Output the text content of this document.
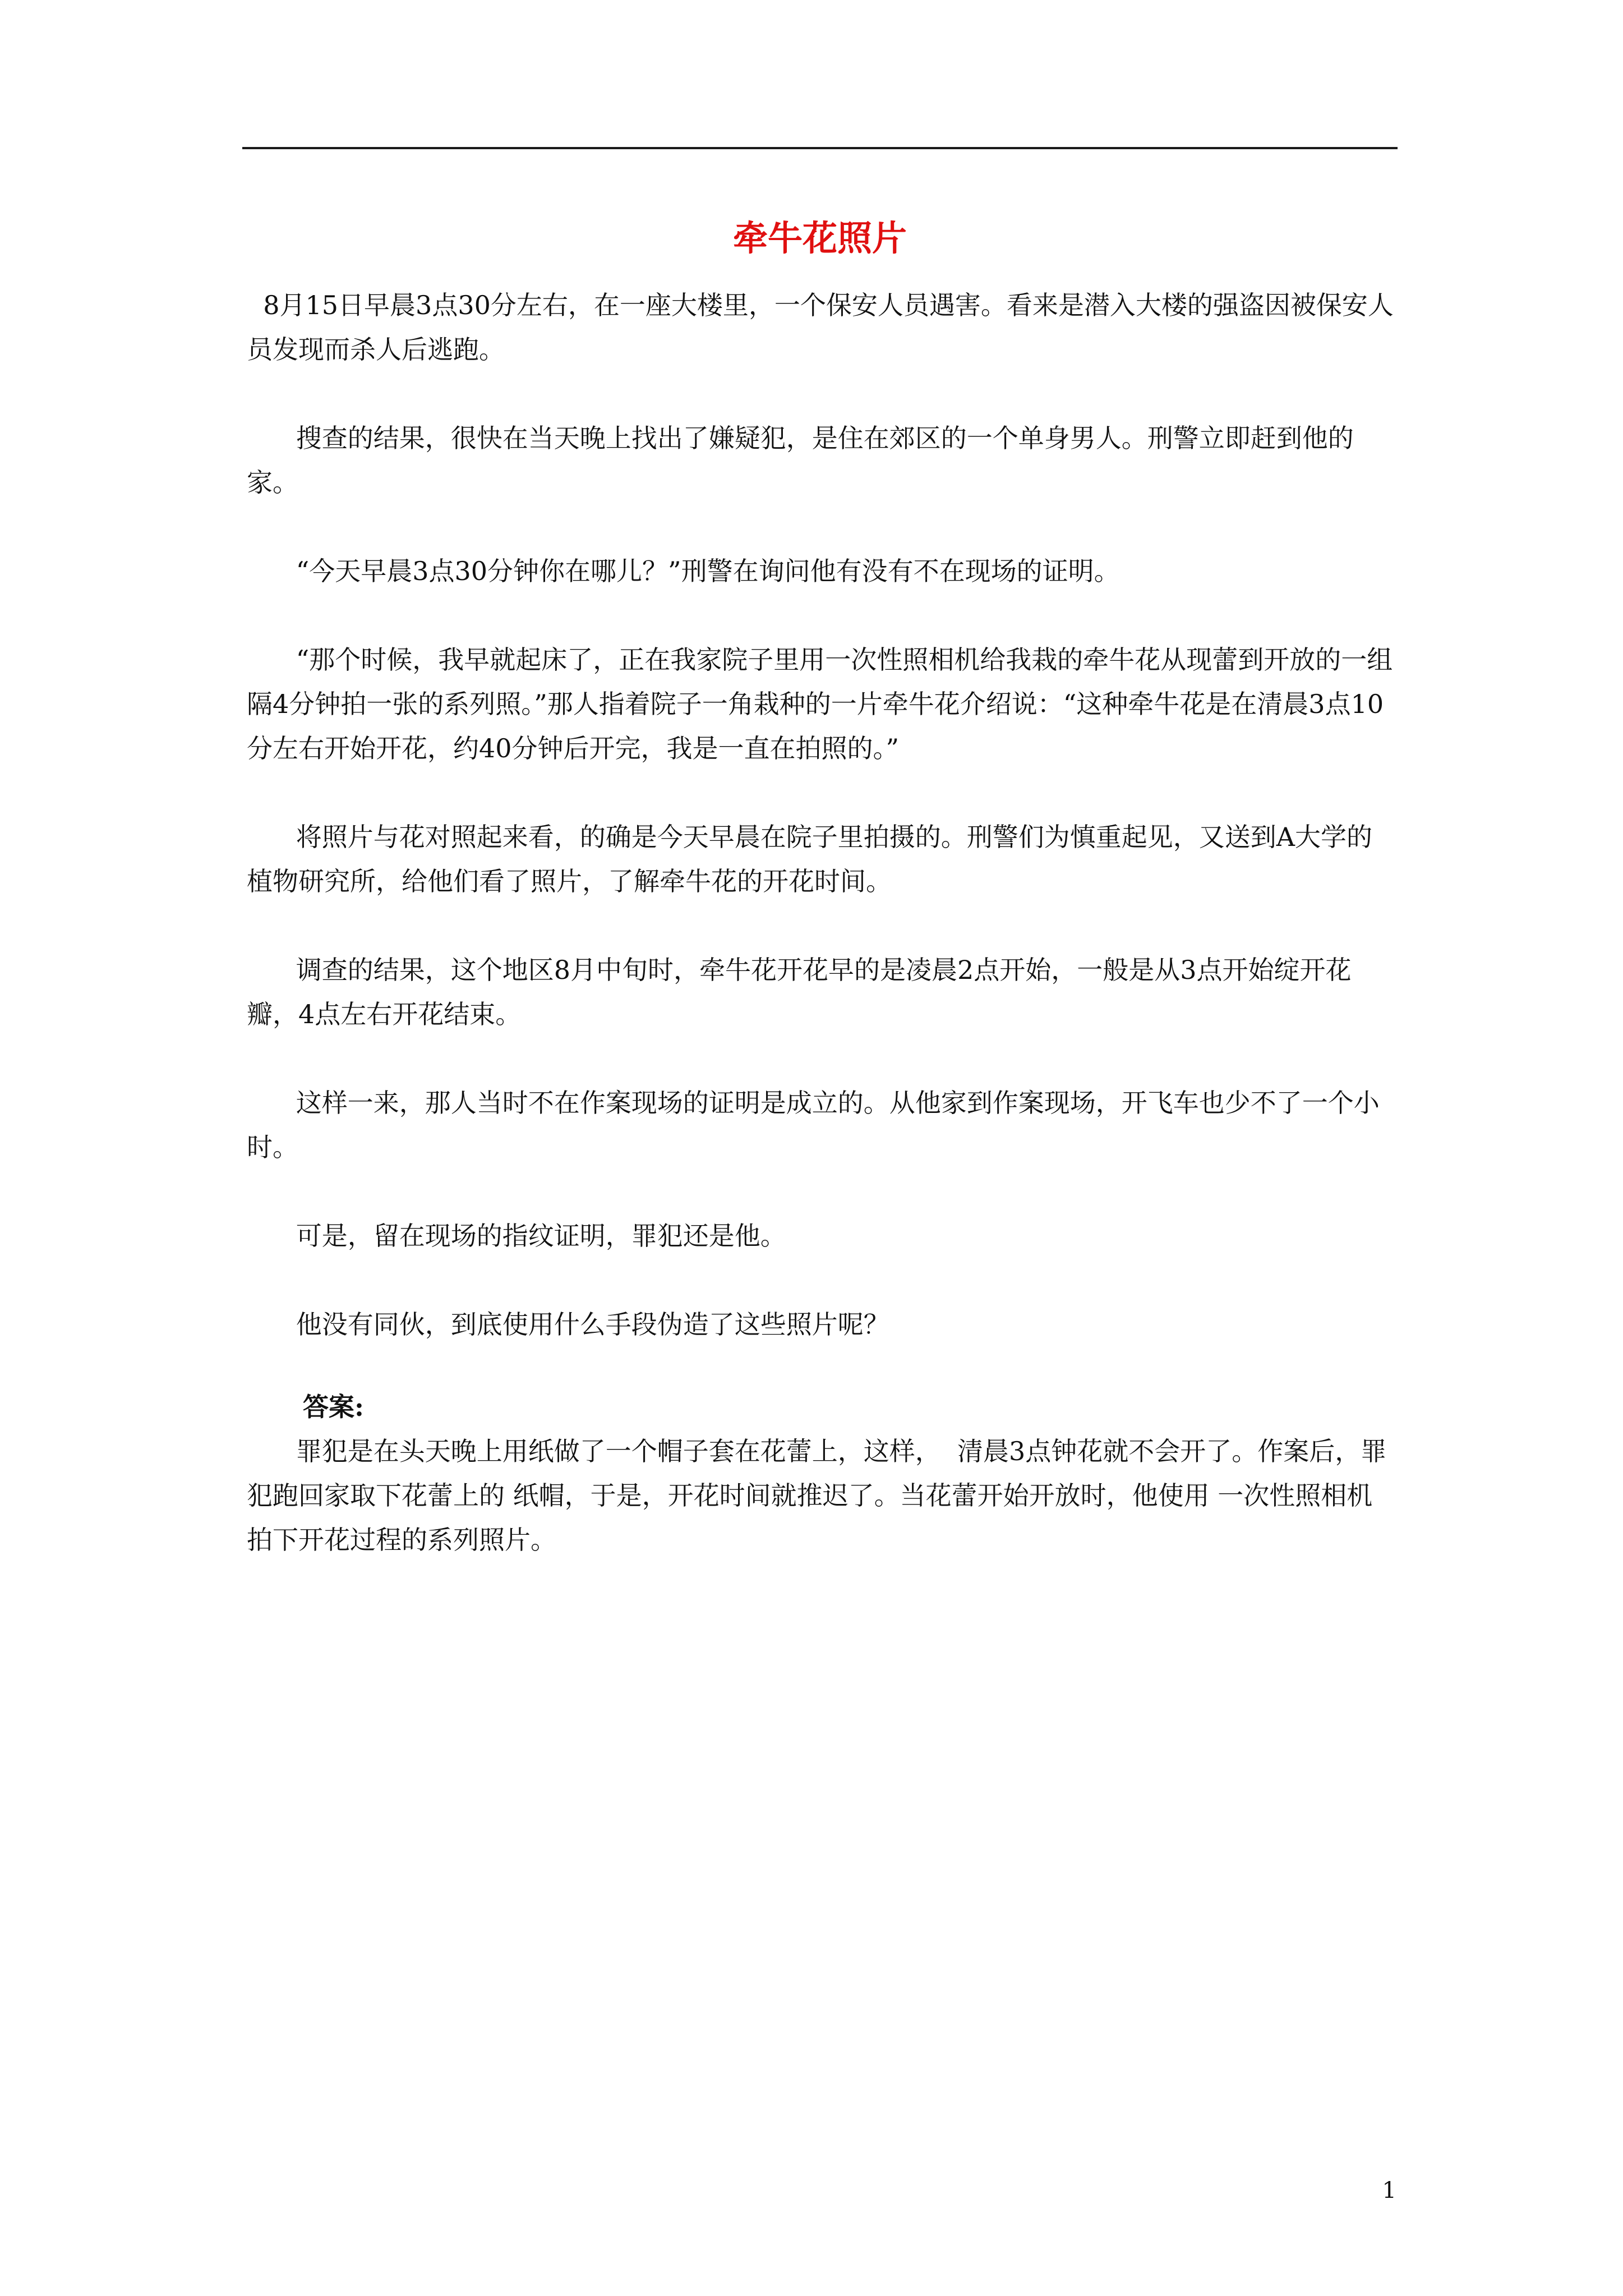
牵牛花照片

8月15日早晨3点30分左右，在一座大楼里，一个保安人员遇害。看来是潜入大楼的强盗因被保安人员发现而杀人后逃跑。

搜查的结果，很快在当天晚上找出了嫌疑犯，是住在郊区的一个单身男人。刑警立即赶到他的家。

“今天早晨3点30分钟你在哪儿？”刑警在询问他有没有不在现场的证明。

“那个时候，我早就起床了，正在我家院子里用一次性照相机给我栽的牵牛花从现蕾到开放的一组隔4分钟拍一张的系列照。”那人指着院子一角栽种的一片牵牛花介绍说：“这种牵牛花是在清晨3点10分左右开始开花，约40分钟后开完，我是一直在拍照的。”

将照片与花对照起来看，的确是今天早晨在院子里拍摄的。刑警们为慎重起见，又送到A大学的植物研究所，给他们看了照片，了解牵牛花的开花时间。

调查的结果，这个地区8月中旬时，牵牛花开花早的是凌晨2点开始，一般是从3点开始绽开花瓣，4点左右开花结束。

这样一来，那人当时不在作案现场的证明是成立的。从他家到作案现场，开飞车也少不了一个小时。

可是，留在现场的指纹证明，罪犯还是他。

他没有同伙，到底使用什么手段伪造了这些照片呢？

答案:

罪犯是在头天晚上用纸做了一个帽子套在花蕾上，这样，  清晨3点钟花就不会开了。作案后，罪犯跑回家取下花蕾上的 纸帽，于是，开花时间就推迟了。当花蕾开始开放时，他使用 一次性照相机拍下开花过程的系列照片。

1
